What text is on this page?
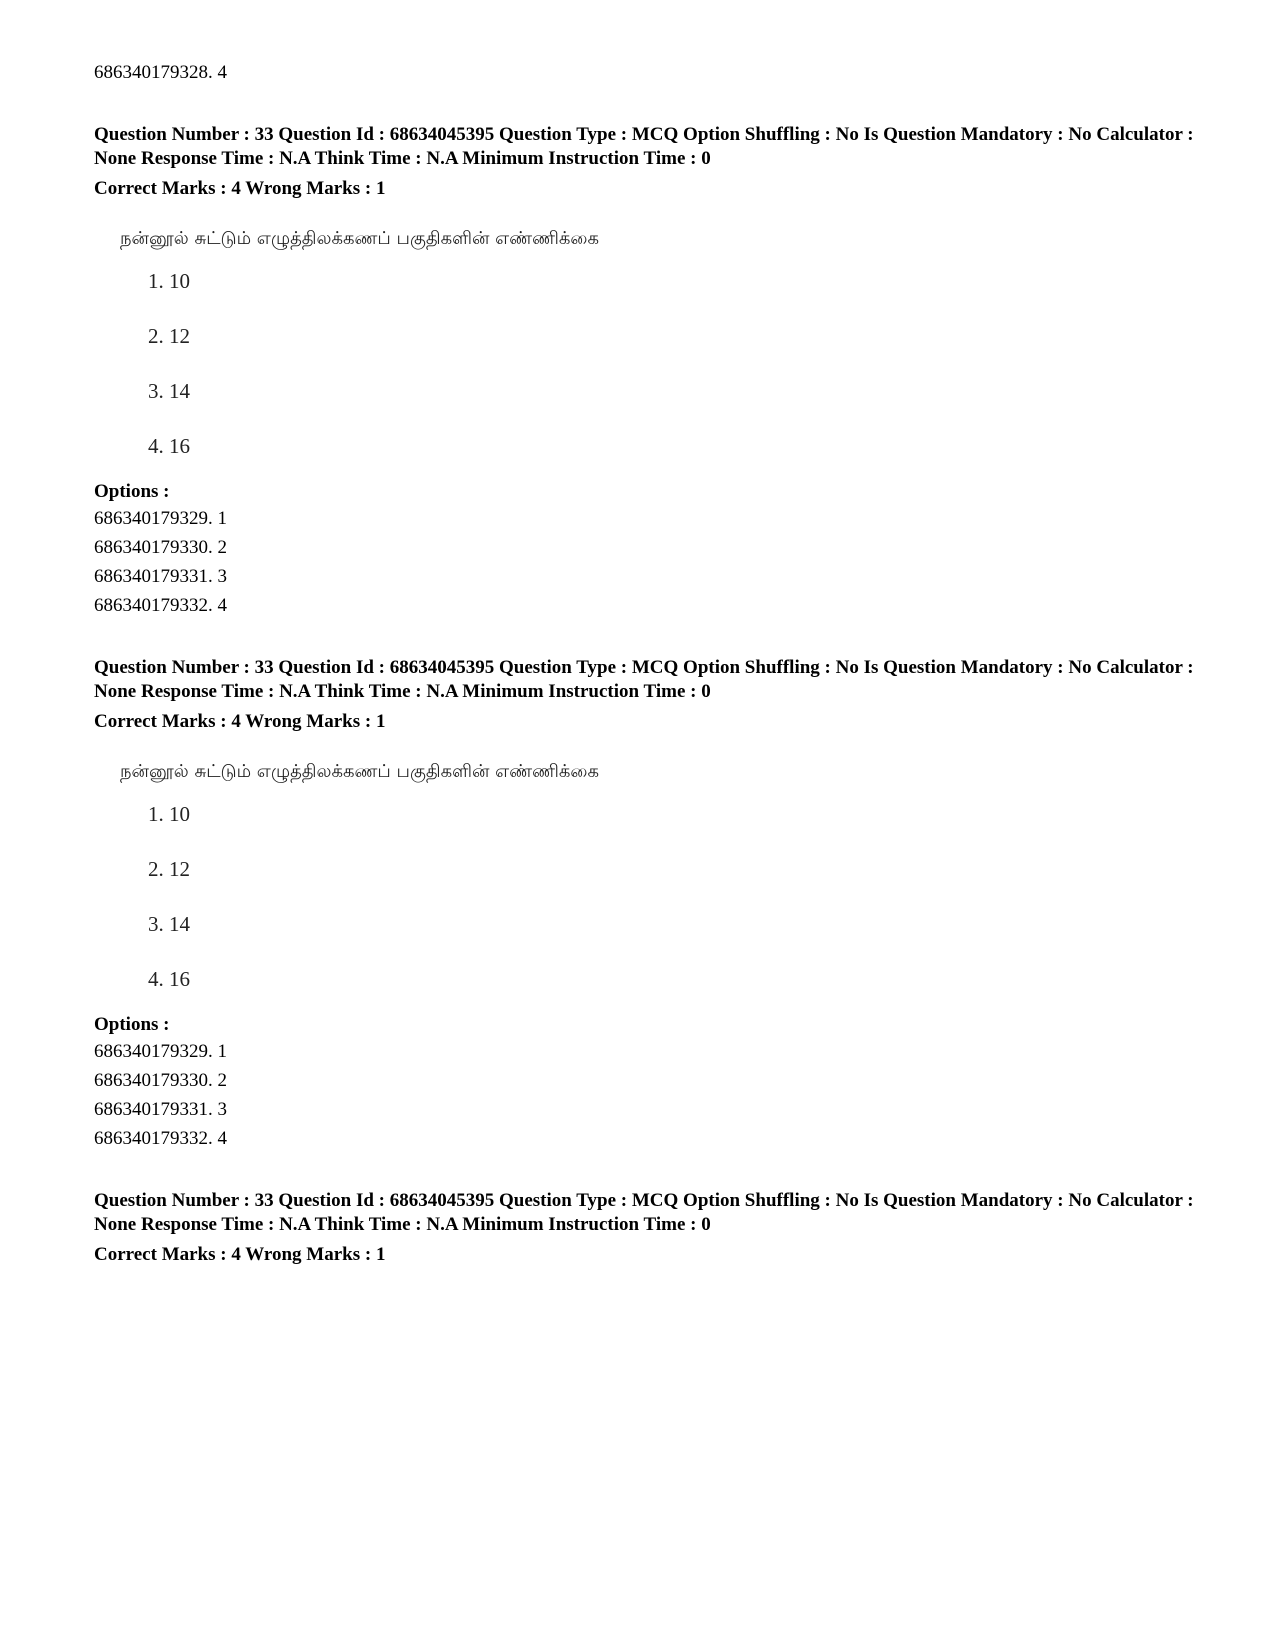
686340179328. 4

Question Number : 33 Question Id : 68634045395 Question Type : MCQ Option Shuffling : No Is Question Mandatory : No Calculator : None Response Time : N.A Think Time : N.A Minimum Instruction Time : 0

Correct Marks : 4 Wrong Marks : 1
நன்னூல் சுட்டும் எழுத்திலக்கணப் பகுதிகளின் எண்ணிக்கை
1. 10
2. 12
3. 14
4. 16
Options :
686340179329. 1
686340179330. 2
686340179331. 3
686340179332. 4

Question Number : 33 Question Id : 68634045395 Question Type : MCQ Option Shuffling : No Is Question Mandatory : No Calculator : None Response Time : N.A Think Time : N.A Minimum Instruction Time : 0

Correct Marks : 4 Wrong Marks : 1
நன்னூல் சுட்டும் எழுத்திலக்கணப் பகுதிகளின் எண்ணிக்கை
1. 10
2. 12
3. 14
4. 16
Options :
686340179329. 1
686340179330. 2
686340179331. 3
686340179332. 4

Question Number : 33 Question Id : 68634045395 Question Type : MCQ Option Shuffling : No Is Question Mandatory : No Calculator : None Response Time : N.A Think Time : N.A Minimum Instruction Time : 0

Correct Marks : 4 Wrong Marks : 1
